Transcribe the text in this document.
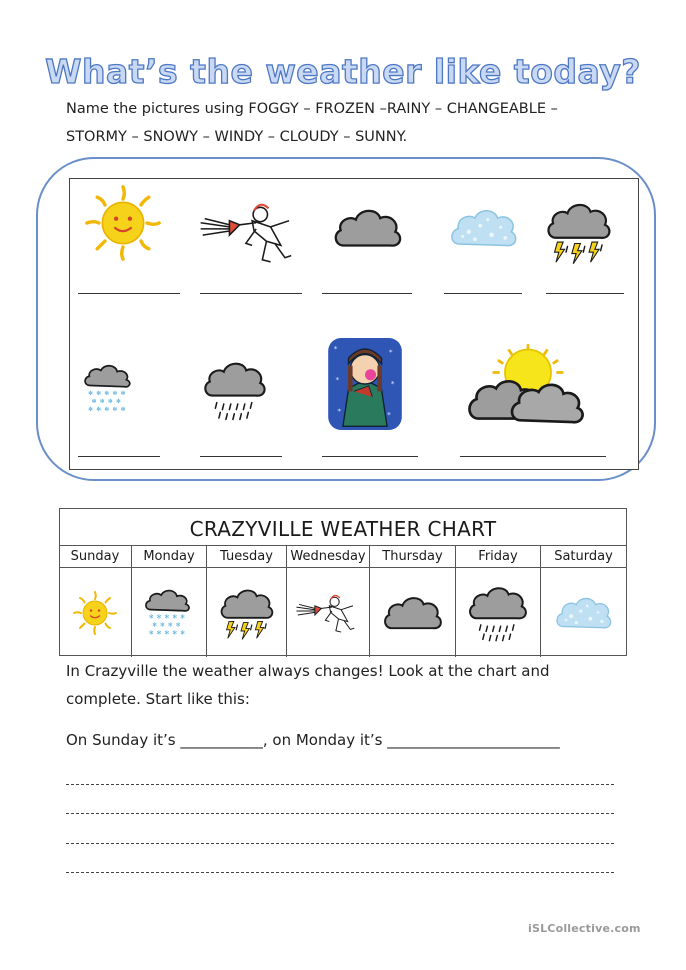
What’s the weather like today?
Name the pictures using FOGGY – FROZEN –RAINY – CHANGEABLE –
STORMY – SNOWY – WINDY – CLOUDY – SUNNY.
CRAZYVILLE WEATHER CHART
Sunday	Monday	Tuesday	Wednesday	Thursday	Friday	Saturday
In Crazyville the weather always changes! Look at the chart and
complete. Start like this:
On Sunday it’s ___________, on Monday it’s _______________________
iSLCollective.com
